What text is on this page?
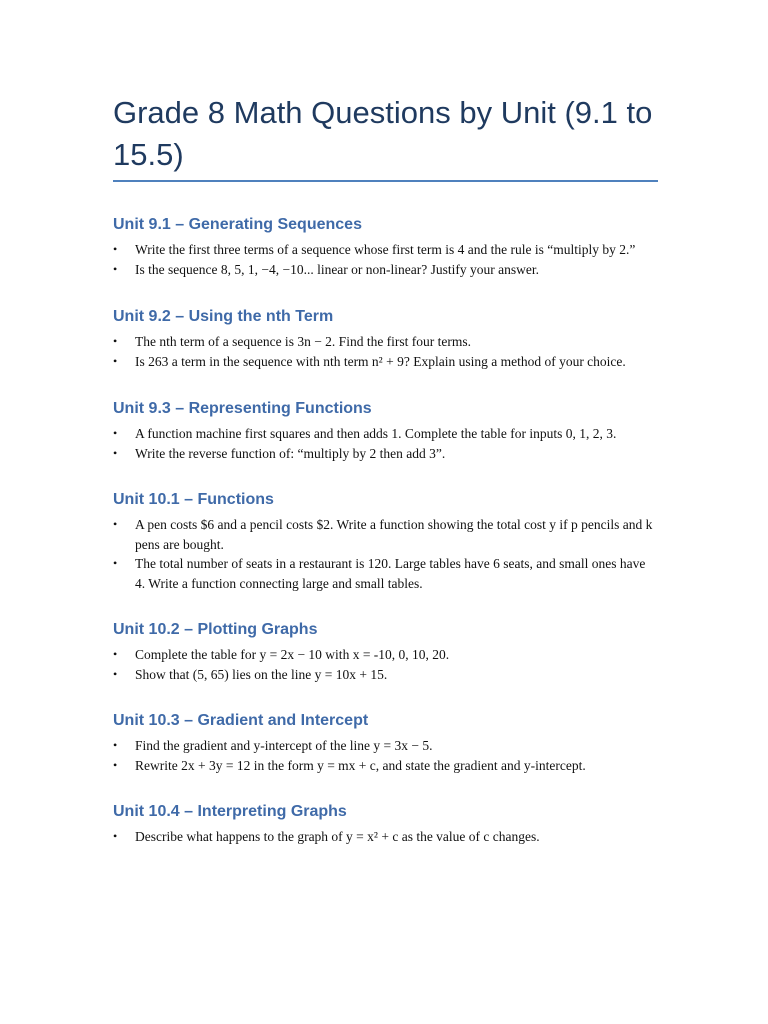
Grade 8 Math Questions by Unit (9.1 to 15.5)
Unit 9.1 – Generating Sequences
• Write the first three terms of a sequence whose first term is 4 and the rule is “multiply by 2.”
• Is the sequence 8, 5, 1, −4, −10... linear or non-linear? Justify your answer.
Unit 9.2 – Using the nth Term
• The nth term of a sequence is 3n − 2. Find the first four terms.
• Is 263 a term in the sequence with nth term n² + 9? Explain using a method of your choice.
Unit 9.3 – Representing Functions
• A function machine first squares and then adds 1. Complete the table for inputs 0, 1, 2, 3.
• Write the reverse function of: “multiply by 2 then add 3”.
Unit 10.1 – Functions
• A pen costs $6 and a pencil costs $2. Write a function showing the total cost y if p pencils and k pens are bought.
• The total number of seats in a restaurant is 120. Large tables have 6 seats, and small ones have 4. Write a function connecting large and small tables.
Unit 10.2 – Plotting Graphs
• Complete the table for y = 2x − 10 with x = -10, 0, 10, 20.
• Show that (5, 65) lies on the line y = 10x + 15.
Unit 10.3 – Gradient and Intercept
• Find the gradient and y-intercept of the line y = 3x − 5.
• Rewrite 2x + 3y = 12 in the form y = mx + c, and state the gradient and y-intercept.
Unit 10.4 – Interpreting Graphs
• Describe what happens to the graph of y = x² + c as the value of c changes.
